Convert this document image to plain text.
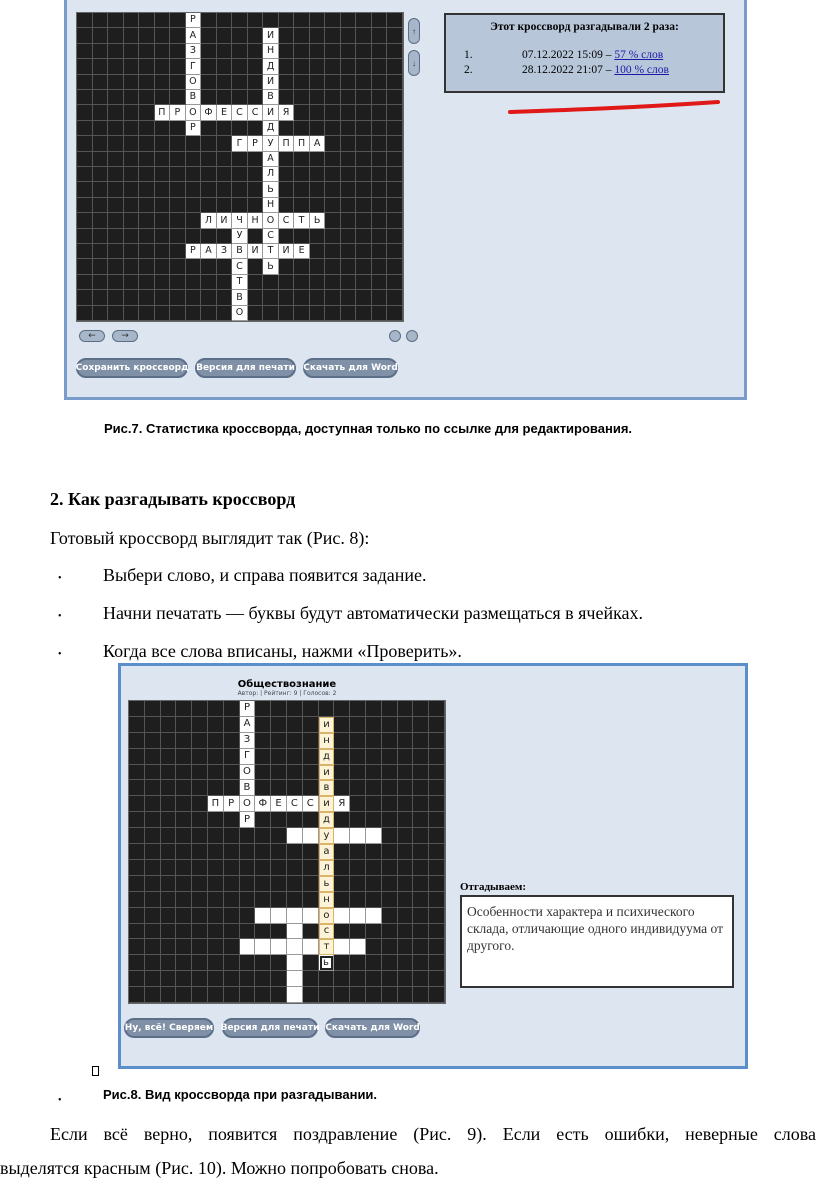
Р
А	И
З	Н
Г	Д
О	И
В	В
П Р О Ф Е С С И Я
Р	Д
Г	Р	У П П А
А
Л
Ь
Н
Л И Ч Н О С Т Ь
У	С
Р А З В И Т И Е
С	Ь
Т
В
О
↑
↓
←	→
Сохранить кроссворд Версия для печати Скачать для Word
Этот кроссворд разгадывали 2 раза:
1.	07.12.2022 15:09 – 57 % слов
2.	28.12.2022 21:07 – 100 % слов
Рис.7. Статистика кроссворда, доступная только по ссылке для редактирования.
2. Как разгадывать кроссворд
Готовый кроссворд выглядит так (Рис. 8):
• Выбери слово, и справа появится задание.
• Начни печатать — буквы будут автоматически размещаться в ячейках.
• Когда все слова вписаны, нажми «Проверить».
Обществознание
Автор: | Рейтинг: 9 | Голосов: 2
Р
А	и
З	н
Г	д
О	и
В	в
П Р О Ф Е С С и Я
Р	д
у
а
л
ь
н
о
с
т
ь
Отгадываем:
Особенности характера и психического склада, отличающие одного индивидуума от другого.
Ну, всё! Сверяем Версия для печати Скачать для Word
•	Рис.8. Вид кроссворда при разгадывании.
Если всё верно, появится поздравление (Рис. 9). Если есть ошибки, неверные слова
выделятся красным (Рис. 10). Можно попробовать снова.
